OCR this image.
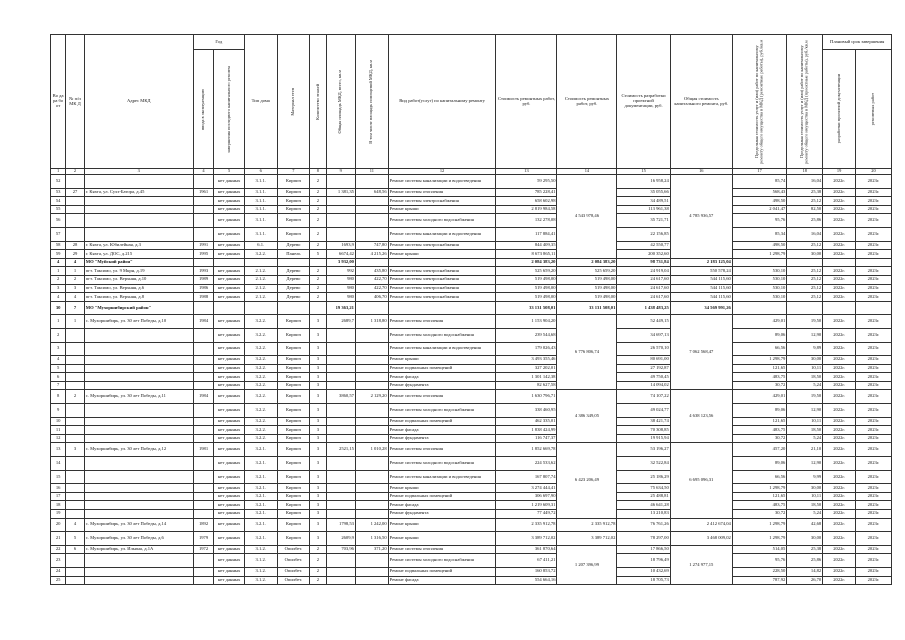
Во да ра бо от	№ п/п МК Д	Адрес МКД	Год		Тип дома	Материал стен	Количество этажей	Общая площадь МКД, всего, кв.м	В том числе площадь помещений МКД, кв.м	Вид работ(услуг) по капитальному ремонту	Стоимость ремонтных работ, руб.	Стоимость ремонтных работ, руб.	Стоимость разработки проектной документации, руб.	Общая стоимость капитального ремонта, руб.	Предельная стоимость услуг и (или) работ по капитальному ремонту общего имущества в МКД (ремонтные работы), руб./кв.м	Предельная стоимость услуг и (или) работ по капитальному ремонту общего имущества в МКД (проектные работы), руб./кв.м	Плановый срок завершения	

			ввода в эксплуатацию	завершения последнего капитального ремонта													разработки проектной документации	ремонтных работ

1	2	3	4	5	6	7	8	9	11	12	13	14	15	16	17	18	19	20
52				нет данных	3.1.1.	Кирпич	2			Ремонт системы канализации и водоотведения	59 295,50	4 543 978,46	16 958,24	4 785 936,57	85,74	16,04	2022г.	2023г.
53	27	г. Кяхта, ул. Сухэ-Батора, д.45	1961	нет данных	3.1.1.	Кирпич	2	1 381,35	648,56	Ремонт системы отопления	785 228,41		35 055,66		568,43	25,38	2022г.	2023г.
54				нет данных	3.1.1.	Кирпич	2			Ремонт системы электроснабжения	658 602,98		34 489,51		498,50	25,12	2022г.	2023г.
55				нет данных	3.1.1.	Кирпич	2			Ремонт крыши	2 819 984,58		113 961,38		2 041,47	82,50	2022г.	2023г.
56				нет данных	3.1.1.	Кирпич	2			Ремонт системы холодного водоснабжения	132 278,08		35 721,71		95,76	25,86	2022г.	2023г.
57				нет данных	3.1.1.	Кирпич	2			Ремонт системы канализации и водоотведения	117 884,41		22 156,85		85,34	16,04	2022г.	2023г.
58	28	г. Кяхта, ул. Юбилейная, д.3	1991	нет данных	6.1.	Дерево	2	1693,9	747,80	Ремонт системы электроснабжения	844 409,35		42 550,77		498,50	25,12	2022г.	2023г.
59	29	г. Кяхта, ул. ДОС, д.215	1995	нет данных	3.2.2.	Панель	5	6674,42	4 215,26	Ремонт крыши	8 673 865,11		200 352,60		1 298,79	30,00	2022г.	2023г.
4	4	МО "Муйский район"						3 932,00			2 084 383,20	2 084 383,20	98 731,84	2 183 125,04				
1	1	пгт. Таксимо, ул. 9 Мкрн, д.19	1993	нет данных	2.1.2.	Дерево	2	992	435,80	Ремонт системы электроснабжения	525 659,20	525 659,20	24 919,04	550 578,24	530,10	25,12	2022г.	2023г.
2	2	пгт. Таксимо, ул. Верхняя, д.10	1989	нет данных	2.1.2.	Дерево	2	980	422,70	Ремонт системы электроснабжения	519 498,00	519 498,00	24 617,60	544 115,60	530,10	25,12	2022г.	2023г.
3	3	пгт. Таксимо, ул. Верхняя, д.6	1986	нет данных	2.1.2.	Дерево	2	980	422,70	Ремонт системы электроснабжения	519 498,00	519 498,00	24 617,60	544 115,60	530,10	25,12	2022г.	2023г.
4	4	пгт. Таксимо, ул. Верхняя, д.8	1988	нет данных	2.1.2.	Дерево	2	980	406,70	Ремонт системы электроснабжения	519 498,00	519 498,00	24 617,60	544 115,60	530,10	25,12	2022г.	2023г.
30	7	МО "Мухоршибирский район"						19 363,21			33 131 508,01	33 131 508,01	1 438 483,25	34 569 991,26				
1	1	с. Мухоршибирь, ул. 30 лет Победы, д.10	1984	нет данных	3.2.2.	Кирпич	3	2689,7	1 318,80	Ремонт системы отопления	1 153 904,20	6 776 806,74	52 449,15	7 062 568,47	429,01	19,50	2022г.	2023г.
2				нет данных	3.2.2.	Кирпич	3			Ремонт системы холодного водоснабжения	239 544,68		34 697,13		89,06	12,90	2022г.	2023г.
3				нет данных	3.2.2.	Кирпич	3			Ремонт системы канализации и водоотведения	179 026,43		26 570,10		66,56	9,89	2022г.	2023г.
4				нет данных	3.2.2.	Кирпич	3			Ремонт крыши	3 493 355,46		80 691,00		1 298,79	30,00	2022г.	2023г.
5				нет данных	3.2.2.	Кирпич	3			Ремонт подвальных помещений	327 202,01		27 192,87		121,65	10,11	2022г.	2023г.
6				нет данных	3.2.2.	Кирпич	3			Ремонт фасада	1 301 142,38		49 750,45		483,75	18,50	2022г.	2023г.
7				нет данных	3.2.2.	Кирпич	3			Ремонт фундамента	82 627,58		14 094,02		30,72	5,24	2022г.	2023г.
8	2	с. Мухоршибирь, ул. 30 лет Победы, д.11	1984	нет данных	3.2.2.	Кирпич	3	3860,57	2 129,20	Ремонт системы отопления	1 630 796,71	4 386 349,05	74 107,22	4 638 123,56	429,01	19,50	2022г.	2023г.
9				нет данных	3.2.2.	Кирпич	3			Ремонт системы холодного водоснабжения	338 460,95		49 024,77		89,06	12,90	2022г.	2023г.
10				нет данных	3.2.2.	Кирпич	3			Ремонт подвальных помещений	462 335,01		38 421,74		121,65	10,11	2022г.	2023г.
11				нет данных	3.2.2.	Кирпич	3			Ремонт фасада	1 838 424,99		70 308,85		483,75	18,50	2022г.	2023г.
12				нет данных	3.2.2.	Кирпич	3			Ремонт фундамента	116 747,37		19 915,94		30,72	5,24	2022г.	2023г.
13	3	с. Мухоршибирь, ул. 30 лет Победы, д.12	1981	нет данных	3.2.1.	Кирпич	3	2521,15	1 010,28	Ремонт системы отопления	1 852 669,78	6 423 206,49	53 196,27	6 695 096,31	457,20	21,10	2022г.	2023г.
14				нет данных	3.2.1.	Кирпич	3			Ремонт системы холодного водоснабжения	224 533,62		32 522,84		89,06	12,90	2022г.	2023г.
15				нет данных	3.2.1.	Кирпич	3			Ремонт системы канализации и водоотведения	167 807,74		25 186,29		66,56	9,99	2022г.	2023г.
16				нет данных	3.2.1.	Кирпич	3			Ремонт крыши	3 274 444,41		75 634,50		1 298,79	30,00	2022г.	2023г.
17				нет данных	3.2.1.	Кирпич	3			Ремонт подвальных помещений	306 697,90		25 488,81		121,65	10,11	2022г.	2023г.
18				нет данных	3.2.1.	Кирпич	3			Ремонт фасада	1 219 609,31		46 641,28		483,75	18,50	2022г.	2023г.
19				нет данных	3.2.1.	Кирпич	3			Ремонт фундамента	77 449,72		13 210,83		30,72	5,24	2022г.	2023г.
20	4	с. Мухоршибирь, ул. 30 лет Победы, д.14	1892	нет данных	3.2.1.	Кирпич	3	1798,53	1 242,00	Ремонт крыши	2 335 912,78	2 335 912,78	76 761,26	2 412 674,04	1 298,79	42,68	2022г.	2023г.
21	5	с. Мухоршибирь, ул. 30 лет Победы, д.6	1979	нет данных	3.2.1.	Кирпич	3	2609,9	1 316,50	Ремонт крыши	3 389 712,02	3 389 712,02	78 297,00	3 468 009,02	1 298,79	30,00	2022г.	2023г.
22	6	с. Мухоршибирь, ул. Ильина, д.1А	1972	нет данных	3.1.2.	Опилбет.	2	703,96	371,20	Ремонт системы отопления	361 870,64	1 207 396,99	17 866,50	1 274 977,15	514,05	25,38	2022г.	2023г.
23				нет данных	3.1.2.	Опилбет.	2			Ремонт системы холодного водоснабжения	67 411,21		18 796,49		95,76	25,86	2022г.	2023г.
24				нет данных	3.1.2.	Опилбет.	2			Ремонт подвальных помещений	160 853,72		10 432,69		228,50	14,82	2022г.	2023г.
25				нет данных	3.1.2.	Опилбет.	2			Ремонт фасада	554 664,16		18 705,73		787,92	26,70	2022г.	2023г.
